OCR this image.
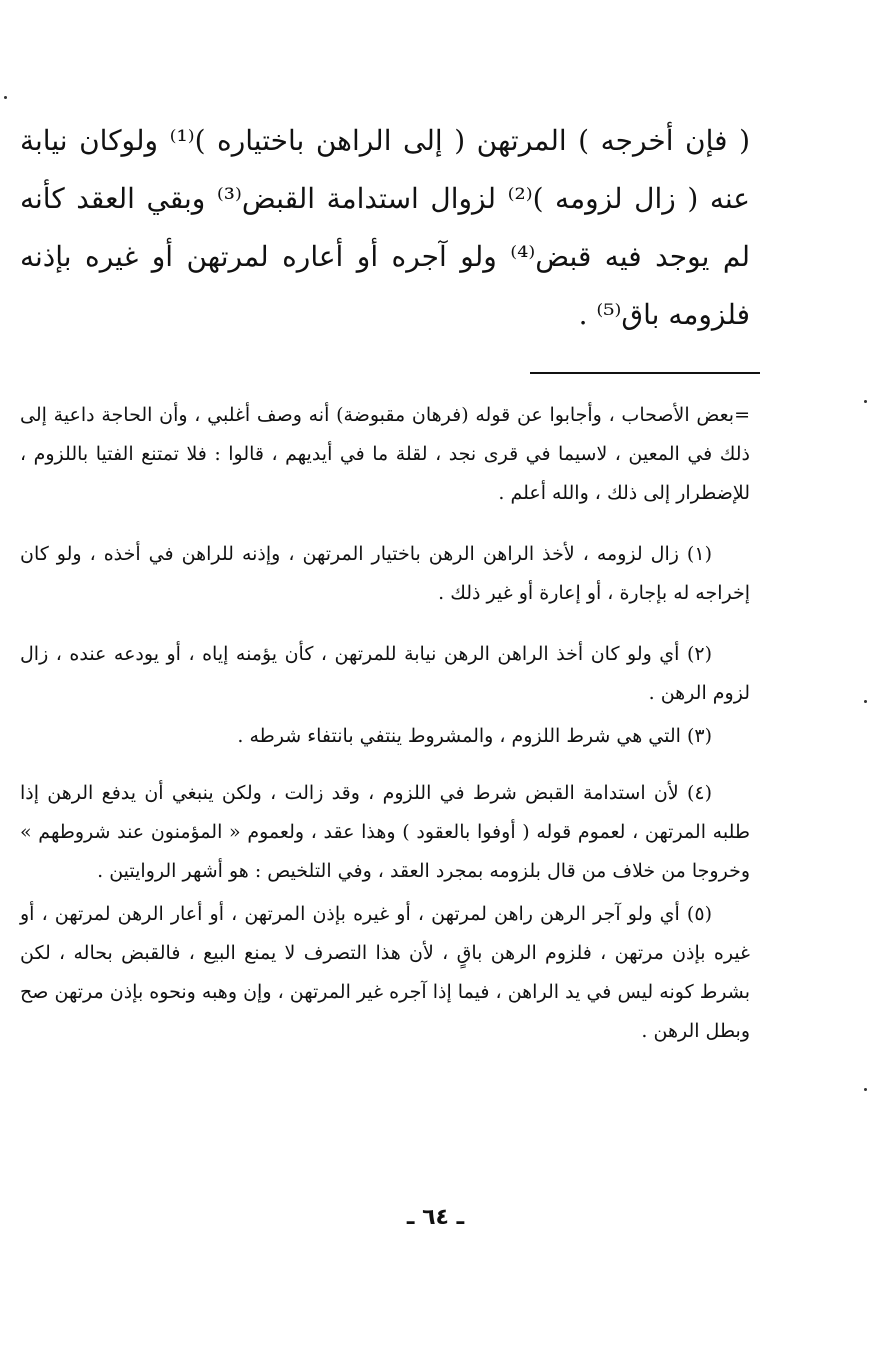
( فإن أخرجه ) المرتهن ( إلى الراهن باختياره )⁽¹⁾ ولوكان نيابة عنه ( زال لزومه )⁽²⁾ لزوال استدامة القبض⁽³⁾ وبقي العقد كأنه لم يوجد فيه قبض⁽⁴⁾ ولو آجره أو أعاره لمرتهن أو غيره بإذنه فلزومه باق⁽⁵⁾ .

=بعض الأصحاب ، وأجابوا عن قوله (فرهان مقبوضة) أنه وصف أغلبي ، وأن الحاجة داعية إلى ذلك في المعين ، لاسيما في قرى نجد ، لقلة ما في أيديهم ، قالوا : فلا تمتنع الفتيا باللزوم ، للإضطرار إلى ذلك ، والله أعلم .

(١) زال لزومه ، لأخذ الراهن الرهن باختيار المرتهن ، وإذنه للراهن في أخذه ، ولو كان إخراجه له بإجارة ، أو إعارة أو غير ذلك .

(٢) أي ولو كان أخذ الراهن الرهن نيابة للمرتهن ، كأن يؤمنه إياه ، أو يودعه عنده ، زال لزوم الرهن .

(٣) التي هي شرط اللزوم ، والمشروط ينتفي بانتفاء شرطه .

(٤) لأن استدامة القبض شرط في اللزوم ، وقد زالت ، ولكن ينبغي أن يدفع الرهن إذا طلبه المرتهن ، لعموم قوله ( أوفوا بالعقود ) وهذا عقد ، ولعموم « المؤمنون عند شروطهم » وخروجا من خلاف من قال بلزومه بمجرد العقد ، وفي التلخيص : هو أشهر الروايتين .

(٥) أي ولو آجر الرهن راهن لمرتهن ، أو غيره بإذن المرتهن ، أو أعار الرهن لمرتهن ، أو غيره بإذن مرتهن ، فلزوم الرهن باقٍ ، لأن هذا التصرف لا يمنع البيع ، فالقبض بحاله ، لكن بشرط كونه ليس في يد الراهن ، فيما إذا آجره غير المرتهن ، وإن وهبه ونحوه بإذن مرتهن صح وبطل الرهن .

ـ ٦٤ ـ
